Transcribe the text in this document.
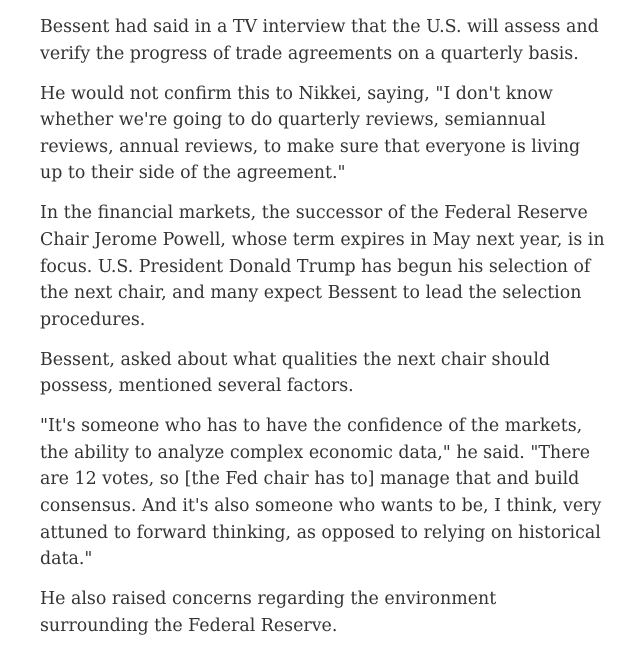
Bessent had said in a TV interview that the U.S. will assess and verify the progress of trade agreements on a quarterly basis.

He would not confirm this to Nikkei, saying, "I don't know whether we're going to do quarterly reviews, semiannual reviews, annual reviews, to make sure that everyone is living up to their side of the agreement."

In the financial markets, the successor of the Federal Reserve Chair Jerome Powell, whose term expires in May next year, is in focus. U.S. President Donald Trump has begun his selection of the next chair, and many expect Bessent to lead the selection procedures.

Bessent, asked about what qualities the next chair should possess, mentioned several factors.

"It's someone who has to have the confidence of the markets, the ability to analyze complex economic data," he said. "There are 12 votes, so [the Fed chair has to] manage that and build consensus. And it's also someone who wants to be, I think, very attuned to forward thinking, as opposed to relying on historical data."

He also raised concerns regarding the environment surrounding the Federal Reserve.
